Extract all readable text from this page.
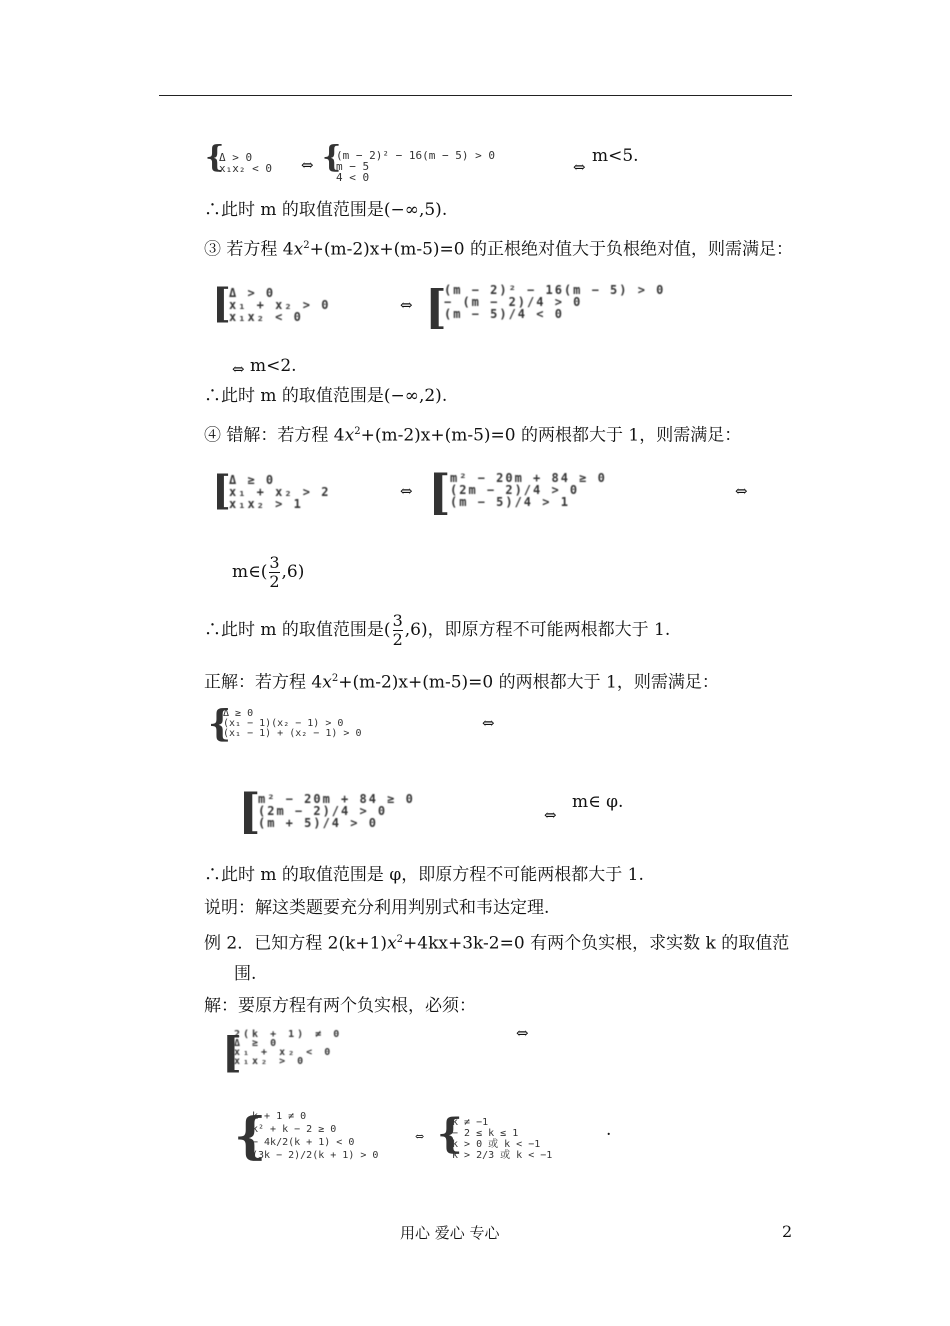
{
Δ > 0
x₁x₂ < 0 ⇔ {
(m − 2)² − 16(m − 5) > 0
m − 5
4 < 0
⇔
m<5.
∴此时 m 的取值范围是(−∞,5).
③ 若方程 $4x^2+(m-2)x+(m-5)=0$ 的正根绝对值大于负根绝对值，则需满足：
[
Δ > 0
x₁ + x₂ > 0
x₁x₂ < 0
⇔ [
(m − 2)² − 16(m − 5) > 0
− (m − 2)/4 > 0
(m − 5)/4 < 0
⇔ m<2.
∴此时 m 的取值范围是(−∞,2).
④ 错解：若方程 $4x^2+(m-2)x+(m-5)=0$ 的两根都大于 1，则需满足：
[
Δ ≥ 0
x₁ + x₂ > 2
x₁x₂ > 1
⇔ [ m² − 20m + 84 ≥ 0
(2m − 2)/4 > 0
(m − 5)/4 > 1
⇔
m∈( $\frac{3}{2} ,6$)
∴此时 m 的取值范围是( $\frac{3}{2} ,6$)，即原方程不可能两根都大于 1.
正解：若方程 $4x^2+(m-2)x+(m-5)=0$ 的两根都大于 1，则需满足：
{
Δ ≥ 0
(x₁ − 1)(x₂ − 1) > 0
(x₁ − 1) + (x₂ − 1) > 0
⇔
[
m² − 20m + 84 ≥ 0
(2m − 2)/4 > 0
(m + 5)/4 > 0	⇔
m∈ φ.
∴此时 m 的取值范围是 φ，即原方程不可能两根都大于 1.
说明：解这类题要充分利用判别式和韦达定理.
例 2．已知方程 $2(k+1)x^2+4kx+3k-2=0$ 有两个负实根，求实数 k 的取值范
围.
解：要原方程有两个负实根，必须：
[
2(k + 1) ≠ 0
Δ ≥ 0
x₁ + x₂ < 0
x₁x₂ > 0
⇔
{
k + 1 ≠ 0
k² + k − 2 ≥ 0
− 4k/2(k + 1) < 0
(3k − 2)/2(k + 1) > 0
⇔ {
k ≠ −1
− 2 ≤ k ≤ 1
k > 0 或 k < −1
k > 2/3 或 k < −1
.
用心 爱心 专心	2
